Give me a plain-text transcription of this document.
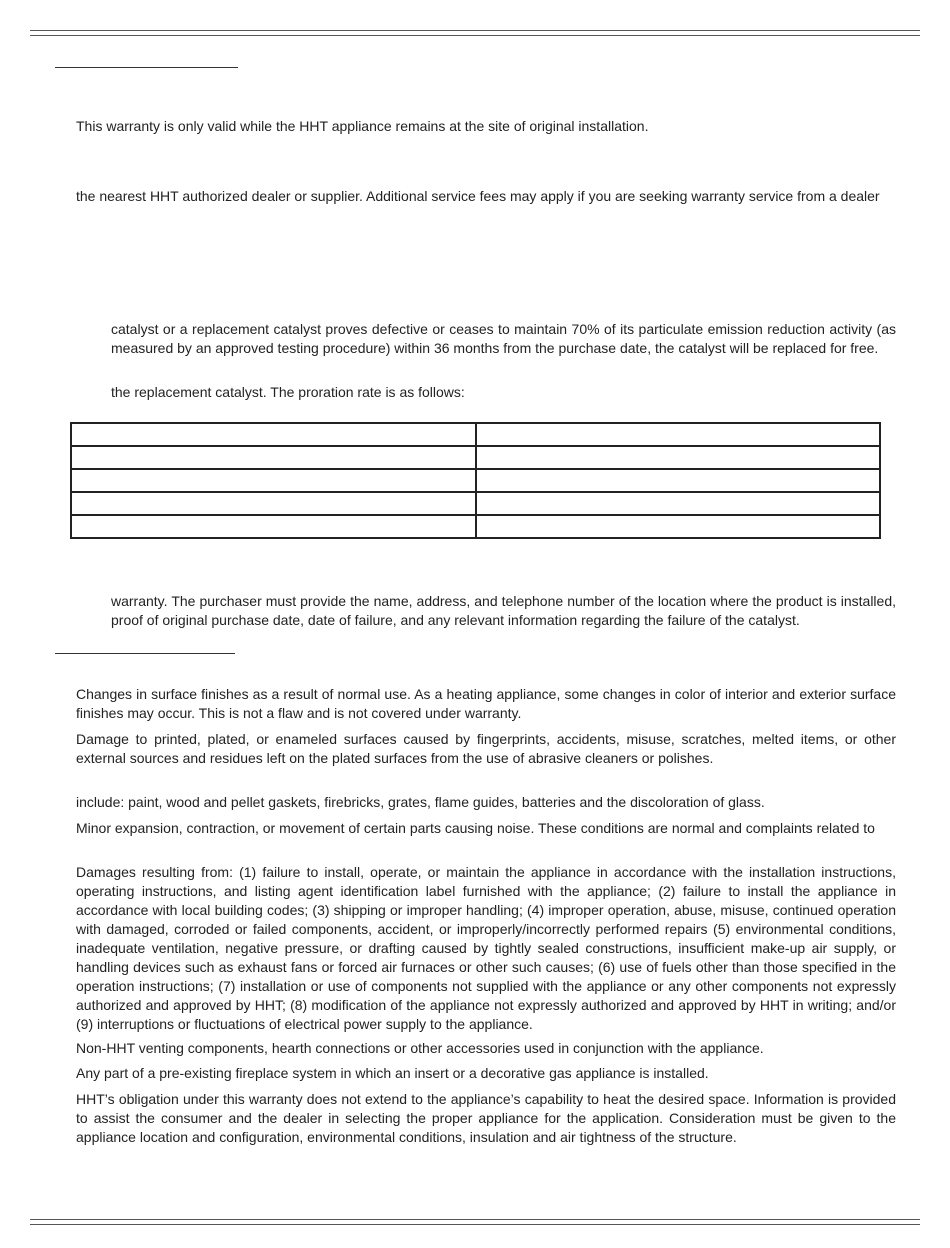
This warranty is only valid while the HHT appliance remains at the site of original installation.

the nearest HHT authorized dealer or supplier. Additional service fees may apply if you are seeking warranty service from a dealer

catalyst or a replacement catalyst proves defective or ceases to maintain 70% of its particulate emission reduction activity (as measured by an approved testing procedure) within 36 months from the purchase date, the catalyst will be replaced for free.

the replacement catalyst. The proration rate is as follows:

warranty. The purchaser must provide the name, address, and telephone number of the location where the product is installed, proof of original purchase date, date of failure, and any relevant information regarding the failure of the catalyst.

Changes in surface finishes as a result of normal use. As a heating appliance, some changes in color of interior and exterior surface finishes may occur. This is not a flaw and is not covered under warranty.

Damage to printed, plated, or enameled surfaces caused by fingerprints, accidents, misuse, scratches, melted items, or other external sources and residues left on the plated surfaces from the use of abrasive cleaners or polishes.

include: paint, wood and pellet gaskets, firebricks, grates, flame guides, batteries and the discoloration of glass.

Minor expansion, contraction, or movement of certain parts causing noise. These conditions are normal and complaints related to

Damages resulting from: (1) failure to install, operate, or maintain the appliance in accordance with the installation instructions, operating instructions, and listing agent identification label furnished with the appliance; (2) failure to install the appliance in accordance with local building codes; (3) shipping or improper handling; (4) improper operation, abuse, misuse, continued operation with damaged, corroded or failed components, accident, or improperly/incorrectly performed repairs (5) environmental conditions, inadequate ventilation, negative pressure, or drafting caused by tightly sealed constructions, insufficient make-up air supply, or handling devices such as exhaust fans or forced air furnaces or other such causes; (6) use of fuels other than those specified in the operation instructions; (7) installation or use of components not supplied with the appliance or any other components not expressly authorized and approved by HHT; (8) modification of the appliance not expressly authorized and approved by HHT in writing; and/or (9) interruptions or fluctuations of electrical power supply to the appliance.

Non-HHT venting components, hearth connections or other accessories used in conjunction with the appliance.

Any part of a pre-existing fireplace system in which an insert or a decorative gas appliance is installed.

HHT’s obligation under this warranty does not extend to the appliance’s capability to heat the desired space. Information is provided to assist the consumer and the dealer in selecting the proper appliance for the application. Consideration must be given to the appliance location and configuration, environmental conditions, insulation and air tightness of the structure.
